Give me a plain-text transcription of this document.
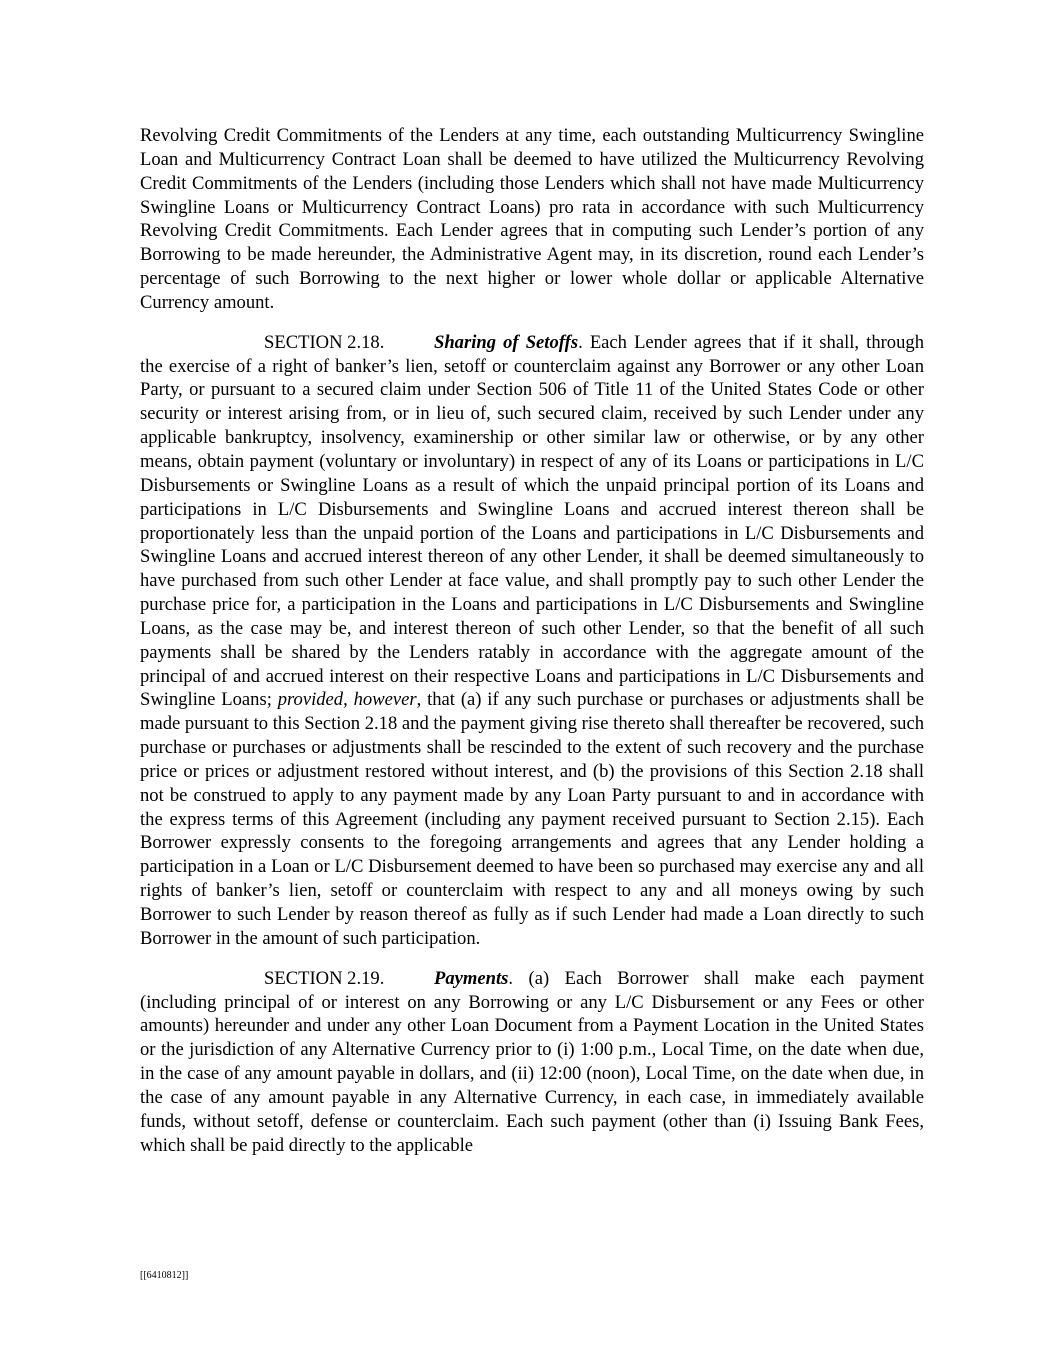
Revolving Credit Commitments of the Lenders at any time, each outstanding Multicurrency Swingline Loan and Multicurrency Contract Loan shall be deemed to have utilized the Multicurrency Revolving Credit Commitments of the Lenders (including those Lenders which shall not have made Multicurrency Swingline Loans or Multicurrency Contract Loans) pro rata in accordance with such Multicurrency Revolving Credit Commitments. Each Lender agrees that in computing such Lender’s portion of any Borrowing to be made hereunder, the Administrative Agent may, in its discretion, round each Lender’s percentage of such Borrowing to the next higher or lower whole dollar or applicable Alternative Currency amount.

SECTION 2.18.	Sharing of Setoffs. Each Lender agrees that if it shall, through the exercise of a right of banker’s lien, setoff or counterclaim against any Borrower or any other Loan Party, or pursuant to a secured claim under Section 506 of Title 11 of the United States Code or other security or interest arising from, or in lieu of, such secured claim, received by such Lender under any applicable bankruptcy, insolvency, examinership or other similar law or otherwise, or by any other means, obtain payment (voluntary or involuntary) in respect of any of its Loans or participations in L/C Disbursements or Swingline Loans as a result of which the unpaid principal portion of its Loans and participations in L/C Disbursements and Swingline Loans and accrued interest thereon shall be proportionately less than the unpaid portion of the Loans and participations in L/C Disbursements and Swingline Loans and accrued interest thereon of any other Lender, it shall be deemed simultaneously to have purchased from such other Lender at face value, and shall promptly pay to such other Lender the purchase price for, a participation in the Loans and participations in L/C Disbursements and Swingline Loans, as the case may be, and interest thereon of such other Lender, so that the benefit of all such payments shall be shared by the Lenders ratably in accordance with the aggregate amount of the principal of and accrued interest on their respective Loans and participations in L/C Disbursements and Swingline Loans; provided, however, that (a) if any such purchase or purchases or adjustments shall be made pursuant to this Section 2.18 and the payment giving rise thereto shall thereafter be recovered, such purchase or purchases or adjustments shall be rescinded to the extent of such recovery and the purchase price or prices or adjustment restored without interest, and (b) the provisions of this Section 2.18 shall not be construed to apply to any payment made by any Loan Party pursuant to and in accordance with the express terms of this Agreement (including any payment received pursuant to Section 2.15). Each Borrower expressly consents to the foregoing arrangements and agrees that any Lender holding a participation in a Loan or L/C Disbursement deemed to have been so purchased may exercise any and all rights of banker’s lien, setoff or counterclaim with respect to any and all moneys owing by such Borrower to such Lender by reason thereof as fully as if such Lender had made a Loan directly to such Borrower in the amount of such participation.

SECTION 2.19.	Payments. (a) Each Borrower shall make each payment (including principal of or interest on any Borrowing or any L/C Disbursement or any Fees or other amounts) hereunder and under any other Loan Document from a Payment Location in the United States or the jurisdiction of any Alternative Currency prior to (i) 1:00 p.m., Local Time, on the date when due, in the case of any amount payable in dollars, and (ii) 12:00 (noon), Local Time, on the date when due, in the case of any amount payable in any Alternative Currency, in each case, in immediately available funds, without setoff, defense or counterclaim. Each such payment (other than (i) Issuing Bank Fees, which shall be paid directly to the applicable

[[6410812]]
